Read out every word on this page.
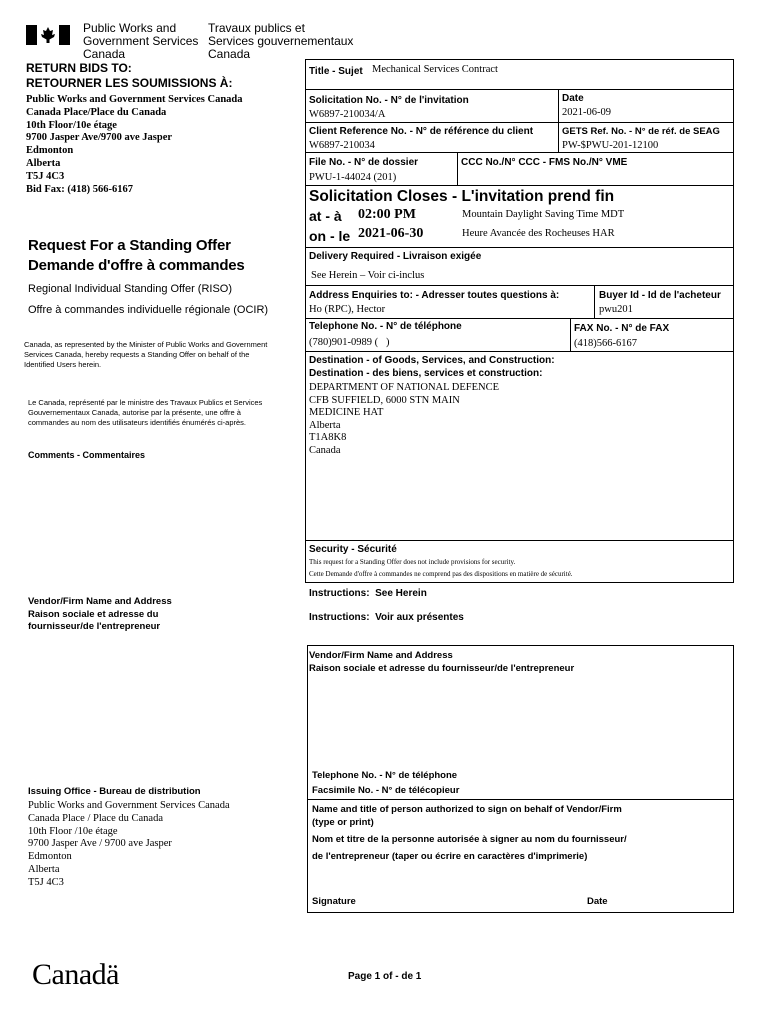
Public Works and
Government Services
Canada
Travaux publics et
Services gouvernementaux
Canada
RETURN BIDS TO:
RETOURNER LES SOUMISSIONS À:
Public Works and Government Services Canada
Canada Place/Place du Canada
10th Floor/10e étage
9700 Jasper Ave/9700 ave Jasper
Edmonton
Alberta
T5J 4C3
Bid Fax: (418) 566-6167
Request For a Standing Offer
Demande d'offre à commandes
Regional Individual Standing Offer (RISO)
Offre à commandes individuelle régionale (OCIR)
Canada, as represented by the Minister of Public Works and Government Services Canada, hereby requests a Standing Offer on behalf of the Identified Users herein.
Le Canada, représenté par le ministre des Travaux Publics et Services Gouvernementaux Canada, autorise par la présente, une offre à commandes au nom des utilisateurs identifiés énumérés ci-après.
Comments - Commentaires
Vendor/Firm Name and Address
Raison sociale et adresse du
fournisseur/de l'entrepreneur
Issuing Office - Bureau de distribution
Public Works and Government Services Canada
Canada Place / Place du Canada
10th Floor /10e étage
9700 Jasper Ave / 9700 ave Jasper
Edmonton
Alberta
T5J 4C3
Title - Sujet Mechanical Services Contract
Solicitation No. - N° de l'invitation
W6897-210034/A
Date
2021-06-09
Client Reference No. - N° de référence du client
W6897-210034
GETS Ref. No. - N° de réf. de SEAG
PW-$PWU-201-12100
File No. - N° de dossier
PWU-1-44024 (201)
CCC No./N° CCC - FMS No./N° VME
Solicitation Closes - L'invitation prend fin
at - à 02:00 PM	Mountain Daylight Saving Time MDT
on - le 2021-06-30	Heure Avancée des Rocheuses HAR
Delivery Required - Livraison exigée
See Herein – Voir ci-inclus
Address Enquiries to: - Adresser toutes questions à:
Ho (RPC), Hector
Buyer Id - Id de l'acheteur
pwu201
Telephone No. - N° de téléphone
(780)901-0989 (   )
FAX No. - N° de FAX
(418)566-6167
Destination - of Goods, Services, and Construction:
Destination - des biens, services et construction:
DEPARTMENT OF NATIONAL DEFENCE
CFB SUFFIELD, 6000 STN MAIN
MEDICINE HAT
Alberta
T1A8K8
Canada
Security - Sécurité
This request for a Standing Offer does not include provisions for security.
Cette Demande d'offre à commandes ne comprend pas des dispositions en matière de sécurité.
Instructions:  See Herein
Instructions:  Voir aux présentes
Vendor/Firm Name and Address
Raison sociale et adresse du fournisseur/de l'entrepreneur
Telephone No. - N° de téléphone
Facsimile No. - N° de télécopieur
Name and title of person authorized to sign on behalf of Vendor/Firm
(type or print)
Nom et titre de la personne autorisée à signer au nom du fournisseur/
de l'entrepreneur (taper ou écrire en caractères d'imprimerie)
Signature	Date
Canadä	Page 1 of - de 1
